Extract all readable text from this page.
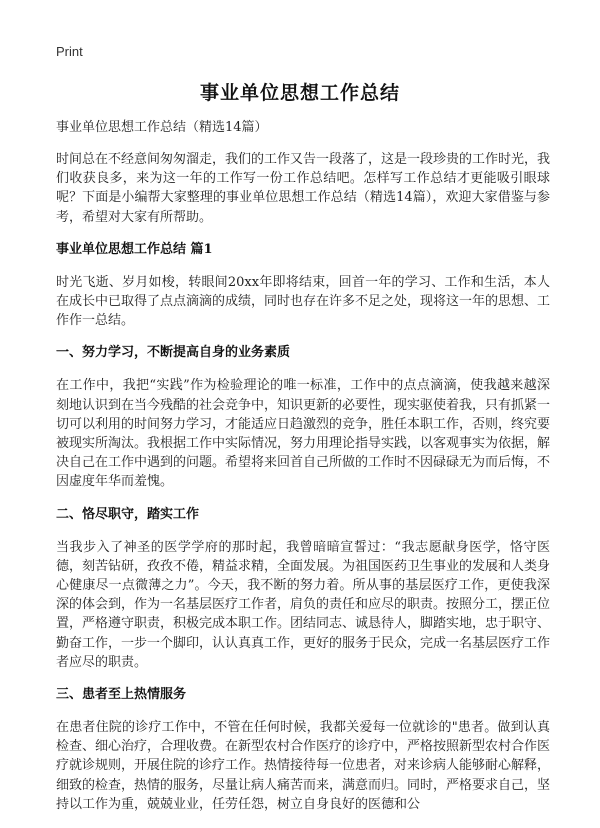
Print
事业单位思想工作总结
事业单位思想工作总结（精选14篇）

时间总在不经意间匆匆溜走，我们的工作又告一段落了，这是一段珍贵的工作时光，我们收获良多，来为这一年的工作写一份工作总结吧。怎样写工作总结才更能吸引眼球呢？下面是小编帮大家整理的事业单位思想工作总结（精选14篇），欢迎大家借鉴与参考，希望对大家有所帮助。

事业单位思想工作总结 篇1

时光飞逝、岁月如梭，转眼间20xx年即将结束，回首一年的学习、工作和生活，本人在成长中已取得了点点滴滴的成绩，同时也存在许多不足之处，现将这一年的思想、工作作一总结。

一、努力学习，不断提高自身的业务素质

在工作中，我把“实践”作为检验理论的唯一标准，工作中的点点滴滴，使我越来越深刻地认识到在当今残酷的社会竞争中，知识更新的必要性，现实驱使着我，只有抓紧一切可以利用的时间努力学习，才能适应日趋激烈的竞争，胜任本职工作，否则，终究要被现实所淘汰。我根据工作中实际情况，努力用理论指导实践，以客观事实为依据，解决自己在工作中遇到的问题。希望将来回首自己所做的工作时不因碌碌无为而后悔，不因虚度年华而羞愧。

二、恪尽职守，踏实工作

当我步入了神圣的医学学府的那时起，我曾暗暗宣誓过：“我志愿献身医学，恪守医德，刻苦钻研，孜孜不倦，精益求精，全面发展。为祖国医药卫生事业的发展和人类身心健康尽一点微薄之力”。今天，我不断的努力着。所从事的基层医疗工作，更使我深深的体会到，作为一名基层医疗工作者，肩负的责任和应尽的职责。按照分工，摆正位置，严格遵守职责，积极完成本职工作。团结同志、诚恳待人，脚踏实地，忠于职守、勤奋工作，一步一个脚印，认认真真工作，更好的服务于民众，完成一名基层医疗工作者应尽的职责。

三、患者至上热情服务

在患者住院的诊疗工作中，不管在任何时候，我都关爱每一位就诊的"患者。做到认真检查、细心治疗，合理收费。在新型农村合作医疗的诊疗中，严格按照新型农村合作医疗就诊规则，开展住院的诊疗工作。热情接待每一位患者，对来诊病人能够耐心解释，细致的检查，热情的服务，尽量让病人痛苦而来，满意而归。同时，严格要求自己，坚持以工作为重，兢兢业业，任劳任怨，树立自身良好的医德和公
